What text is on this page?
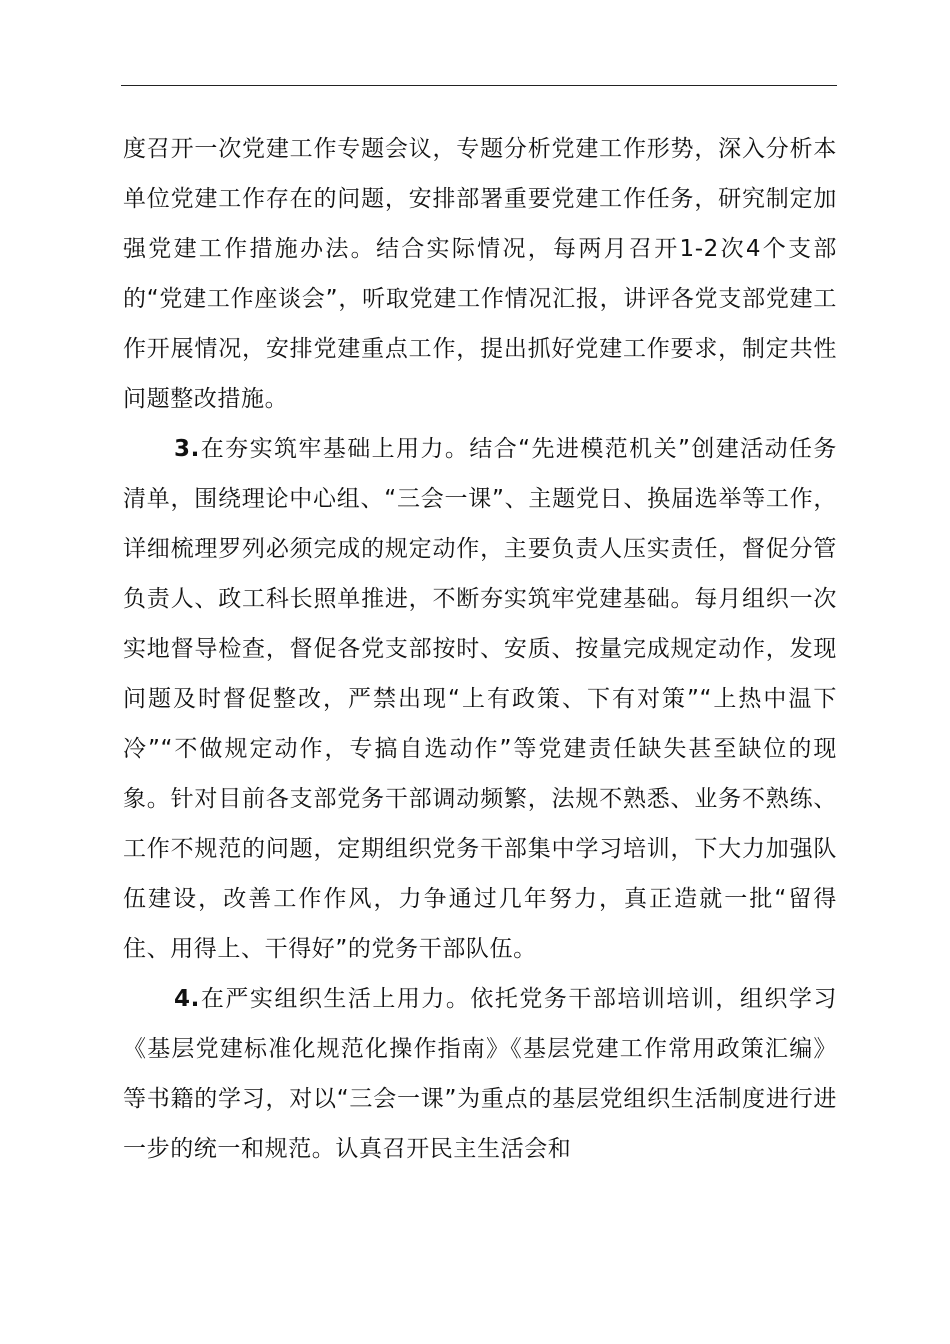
度召开一次党建工作专题会议，专题分析党建工作形势，深入分析本单位党建工作存在的问题，安排部署重要党建工作任务，研究制定加强党建工作措施办法。结合实际情况，每两月召开1-2次4个支部的“党建工作座谈会”，听取党建工作情况汇报，讲评各党支部党建工作开展情况，安排党建重点工作，提出抓好党建工作要求，制定共性问题整改措施。

3.在夯实筑牢基础上用力。结合“先进模范机关”创建活动任务清单，围绕理论中心组、“三会一课”、主题党日、换届选举等工作，详细梳理罗列必须完成的规定动作，主要负责人压实责任，督促分管负责人、政工科长照单推进，不断夯实筑牢党建基础。每月组织一次实地督导检查，督促各党支部按时、安质、按量完成规定动作，发现问题及时督促整改，严禁出现“上有政策、下有对策”“上热中温下冷”“不做规定动作，专搞自选动作”等党建责任缺失甚至缺位的现象。针对目前各支部党务干部调动频繁，法规不熟悉、业务不熟练、工作不规范的问题，定期组织党务干部集中学习培训，下大力加强队伍建设，改善工作作风，力争通过几年努力，真正造就一批“留得住、用得上、干得好”的党务干部队伍。

4.在严实组织生活上用力。依托党务干部培训培训，组织学习《基层党建标准化规范化操作指南》《基层党建工作常用政策汇编》等书籍的学习，对以“三会一课”为重点的基层党组织生活制度进行进一步的统一和规范。认真召开民主生活会和
